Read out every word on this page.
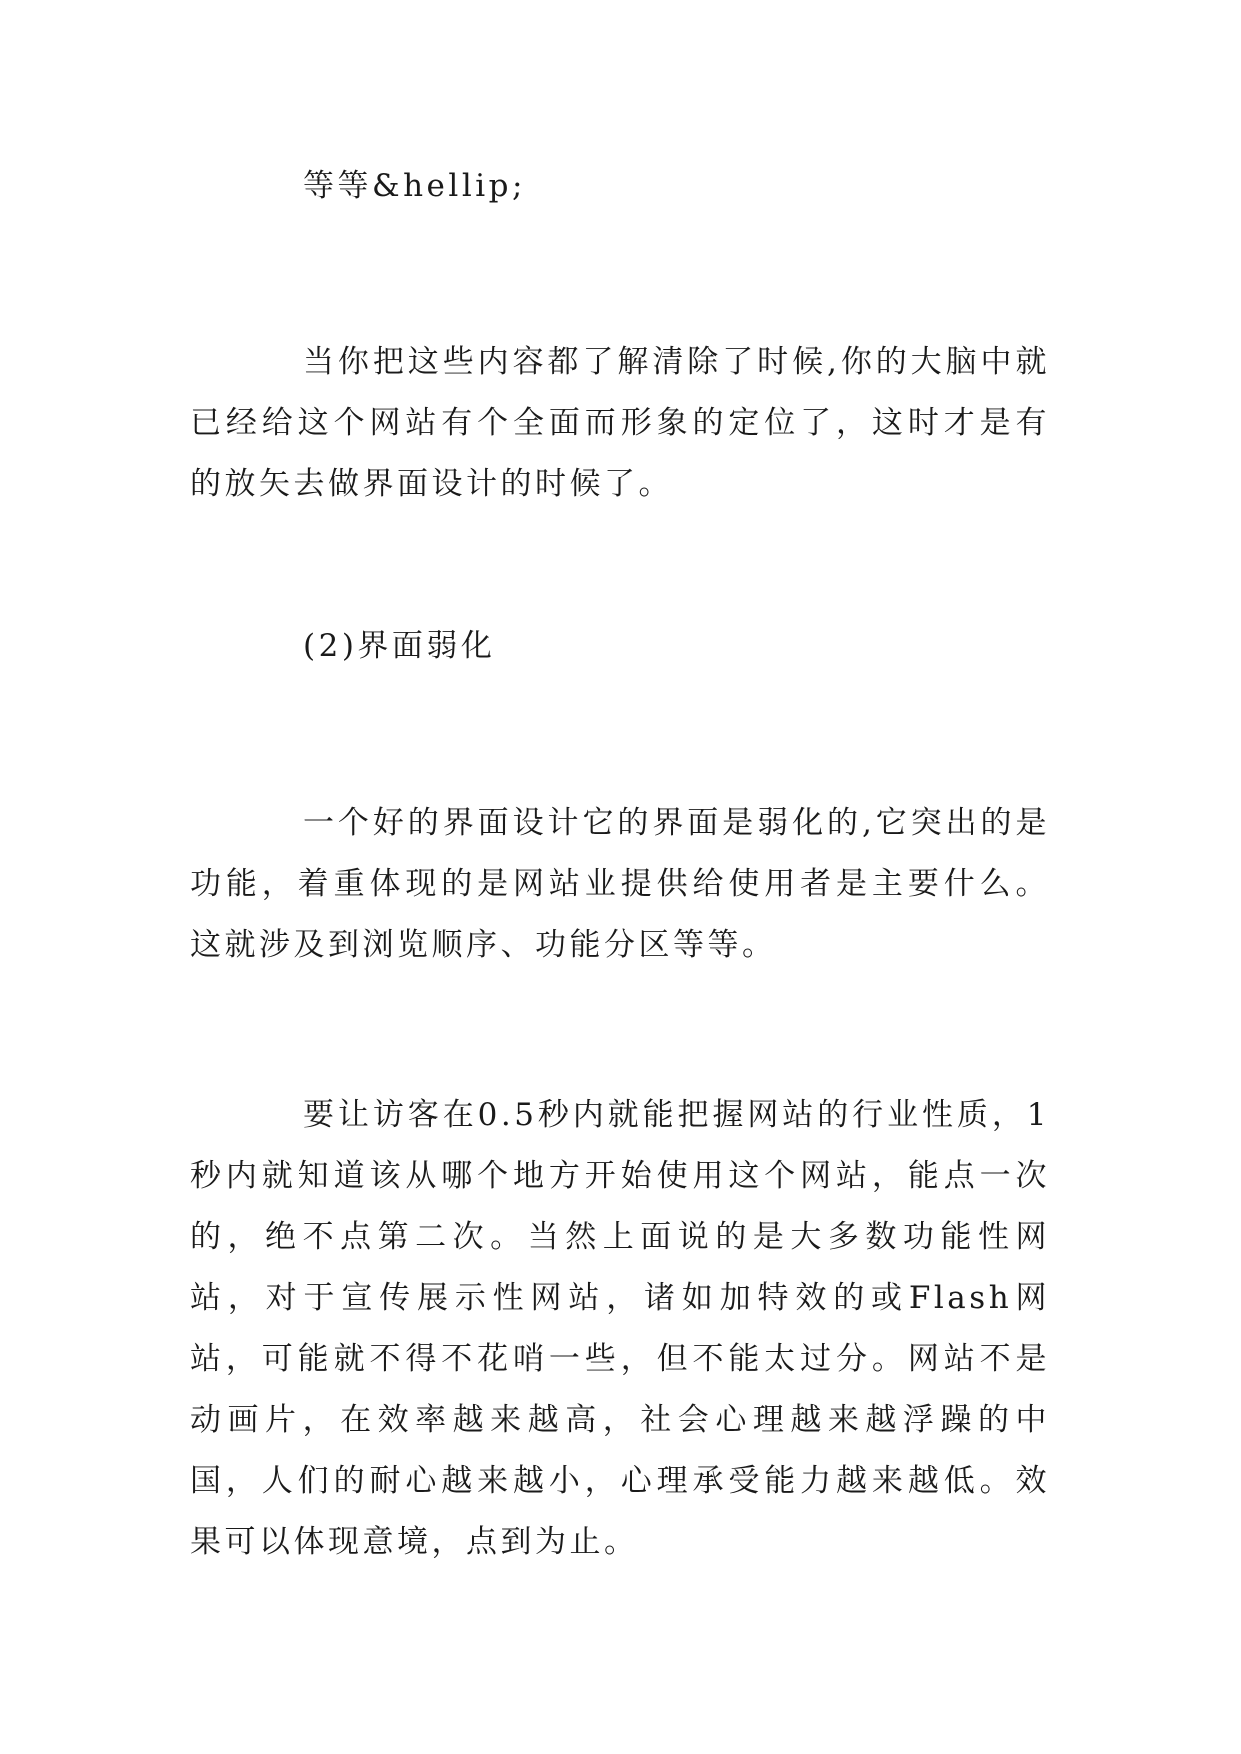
等等&hellip;

当你把这些内容都了解清除了时候,你的大脑中就已经给这个网站有个全面而形象的定位了，这时才是有的放矢去做界面设计的时候了。

(2)界面弱化

一个好的界面设计它的界面是弱化的,它突出的是功能，着重体现的是网站业提供给使用者是主要什么。这就涉及到浏览顺序、功能分区等等。

要让访客在0.5秒内就能把握网站的行业性质，1秒内就知道该从哪个地方开始使用这个网站，能点一次的，绝不点第二次。当然上面说的是大多数功能性网站，对于宣传展示性网站，诸如加特效的或Flash网站，可能就不得不花哨一些，但不能太过分。网站不是动画片，在效率越来越高，社会心理越来越浮躁的中国，人们的耐心越来越小，心理承受能力越来越低。效果可以体现意境，点到为止。
